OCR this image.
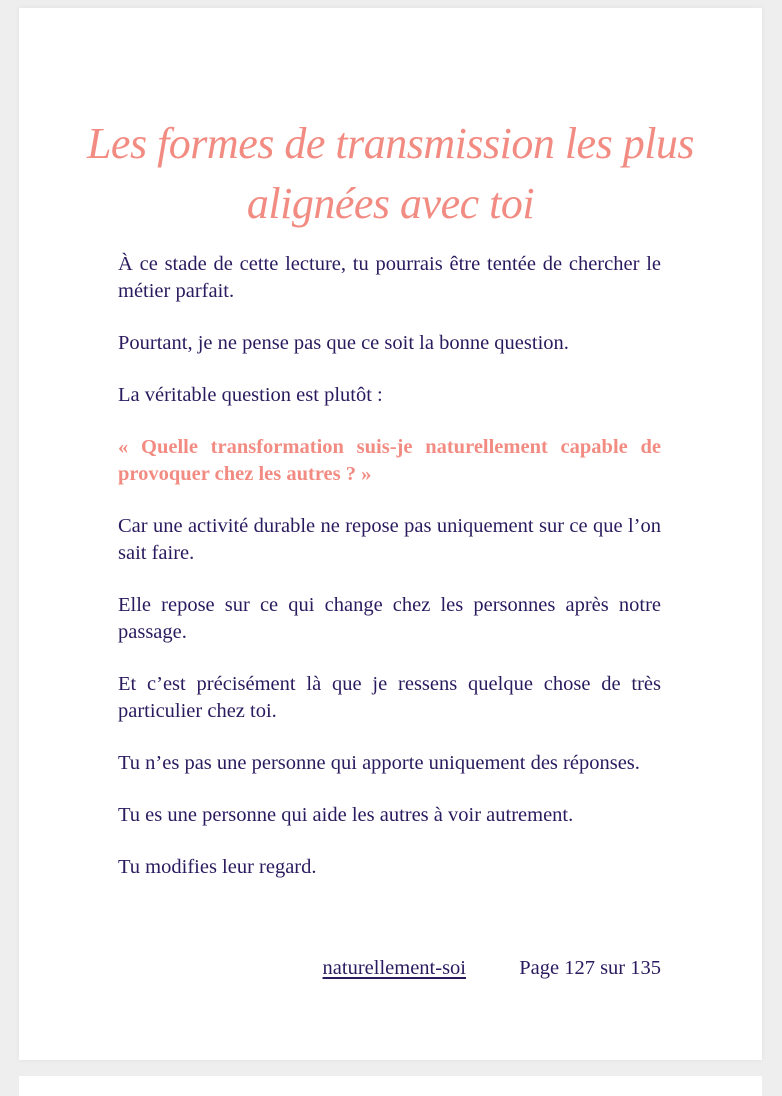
Les formes de transmission les plus alignées avec toi

À ce stade de cette lecture, tu pourrais être tentée de chercher le métier parfait.

Pourtant, je ne pense pas que ce soit la bonne question.

La véritable question est plutôt :

« Quelle transformation suis-je naturellement capable de provoquer chez les autres ? »

Car une activité durable ne repose pas uniquement sur ce que l’on sait faire.

Elle repose sur ce qui change chez les personnes après notre passage.

Et c’est précisément là que je ressens quelque chose de très particulier chez toi.

Tu n’es pas une personne qui apporte uniquement des réponses.

Tu es une personne qui aide les autres à voir autrement.

Tu modifies leur regard.

naturellement-soi	Page 127 sur 135
